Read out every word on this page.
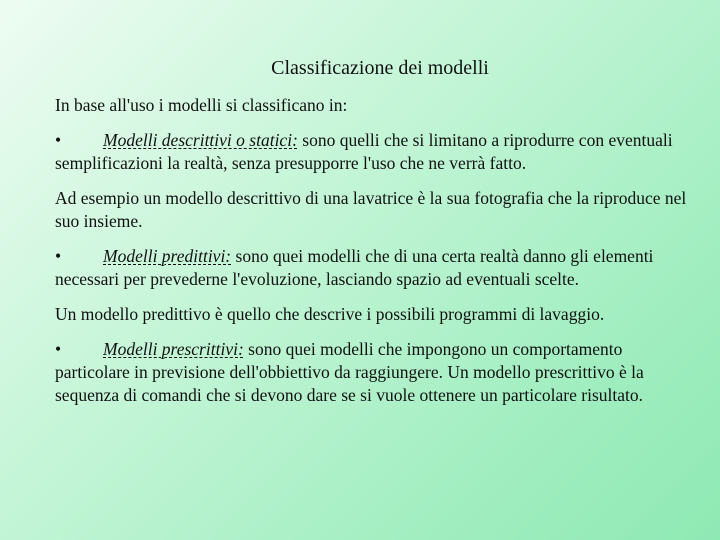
Classificazione dei modelli

In base all'uso i modelli si classificano in:

• Modelli descrittivi o statici: sono quelli che si limitano a riprodurre con eventuali semplificazioni la realtà, senza presupporre l'uso che ne verrà fatto.

Ad esempio un modello descrittivo di una lavatrice è la sua fotografia che la riproduce nel suo insieme.

• Modelli predittivi: sono quei modelli che di una certa realtà danno gli elementi necessari per prevederne l'evoluzione, lasciando spazio ad eventuali scelte.

Un modello predittivo è quello che descrive i possibili programmi di lavaggio.

• Modelli prescrittivi: sono quei modelli che impongono un comportamento particolare in previsione dell'obbiettivo da raggiungere. Un modello prescrittivo è la sequenza di comandi che si devono dare se si vuole ottenere un particolare risultato.
